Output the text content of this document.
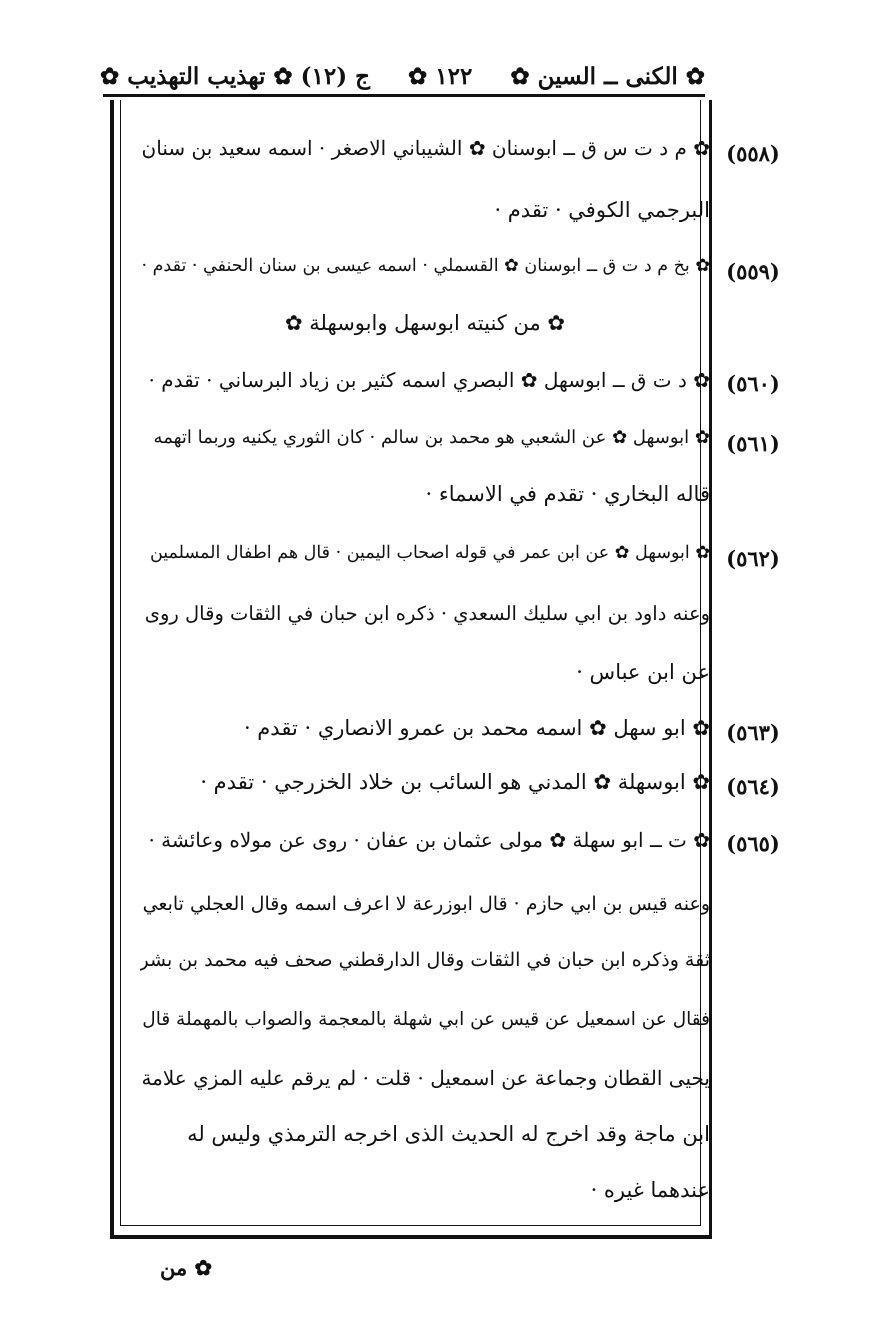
✿ الكنى ــ السين ✿
١٢٢ ✿
ج (١٢) ✿ تهذيب التهذيب ✿
(٥٥٨)
✿ م د ت س ق ــ ابوسنان ✿ الشيباني الاصغر · اسمه سعيد بن سنان
البرجمي الكوفي · تقدم ·
(٥٥٩)
✿ بخ م د ت ق ــ ابوسنان ✿ القسملي · اسمه عيسى بن سنان الحنفي · تقدم ·
✿ من كنيته ابوسهل وابوسهلة ✿
(٥٦٠)
✿ د ت ق ــ ابوسهل ✿ البصري اسمه كثير بن زياد البرساني · تقدم ·
(٥٦١)
✿ ابوسهل ✿ عن الشعبي هو محمد بن سالم · كان الثوري يكنيه وربما اتهمه
قاله البخاري · تقدم في الاسماء ·
(٥٦٢)
✿ ابوسهل ✿ عن ابن عمر في قوله اصحاب اليمين · قال هم اطفال المسلمين
وعنه داود بن ابي سليك السعدي · ذكره ابن حبان في الثقات وقال روى
عن ابن عباس ·
(٥٦٣)
✿ ابو سهل ✿ اسمه محمد بن عمرو الانصاري · تقدم ·
(٥٦٤)
✿ ابوسهلة ✿ المدني هو السائب بن خلاد الخزرجي · تقدم ·
(٥٦٥)
✿ ت ــ ابو سهلة ✿ مولى عثمان بن عفان · روى عن مولاه وعائشة ·
وعنه قيس بن ابي حازم · قال ابوزرعة لا اعرف اسمه وقال العجلي تابعي
ثقة وذكره ابن حبان في الثقات وقال الدارقطني صحف فيه محمد بن بشر
فقال عن اسمعيل عن قيس عن ابي شهلة بالمعجمة والصواب بالمهملة قال
يحيى القطان وجماعة عن اسمعيل · قلت · لم يرقم عليه المزي علامة
ابن ماجة وقد اخرج له الحديث الذى اخرجه الترمذي وليس له
عندهما غيره ·
✿ من
